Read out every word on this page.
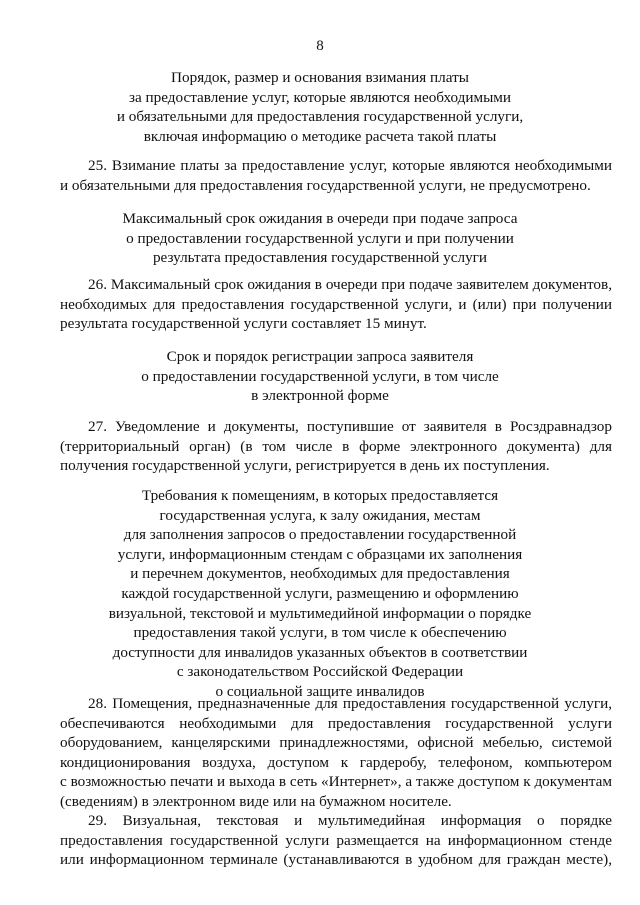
8
Порядок, размер и основания взимания платы
за предоставление услуг, которые являются необходимыми
и обязательными для предоставления государственной услуги,
включая информацию о методике расчета такой платы
25. Взимание платы за предоставление услуг, которые являются необходимыми
и обязательными для предоставления государственной услуги, не предусмотрено.
Максимальный срок ожидания в очереди при подаче запроса
о предоставлении государственной услуги и при получении
результата предоставления государственной услуги
26. Максимальный срок ожидания в очереди при подаче заявителем документов,
необходимых для предоставления государственной услуги, и (или) при получении
результата государственной услуги составляет 15 минут.
Срок и порядок регистрации запроса заявителя
о предоставлении государственной услуги, в том числе
в электронной форме
27. Уведомление и документы, поступившие от заявителя в Росздравнадзор
(территориальный орган) (в том числе в форме электронного документа) для
получения государственной услуги, регистрируется в день их поступления.
Требования к помещениям, в которых предоставляется
государственная услуга, к залу ожидания, местам
для заполнения запросов о предоставлении государственной
услуги, информационным стендам с образцами их заполнения
и перечнем документов, необходимых для предоставления
каждой государственной услуги, размещению и оформлению
визуальной, текстовой и мультимедийной информации о порядке
предоставления такой услуги, в том числе к обеспечению
доступности для инвалидов указанных объектов в соответствии
с законодательством Российской Федерации
о социальной защите инвалидов
28. Помещения, предназначенные для предоставления государственной услуги,
обеспечиваются необходимыми для предоставления государственной услуги
оборудованием, канцелярскими принадлежностями, офисной мебелью, системой
кондиционирования воздуха, доступом к гардеробу, телефоном, компьютером
с возможностью печати и выхода в сеть «Интернет», а также доступом к документам
(сведениям) в электронном виде или на бумажном носителе.
29. Визуальная, текстовая и мультимедийная информация о порядке
предоставления государственной услуги размещается на информационном стенде
или информационном терминале (устанавливаются в удобном для граждан месте),
